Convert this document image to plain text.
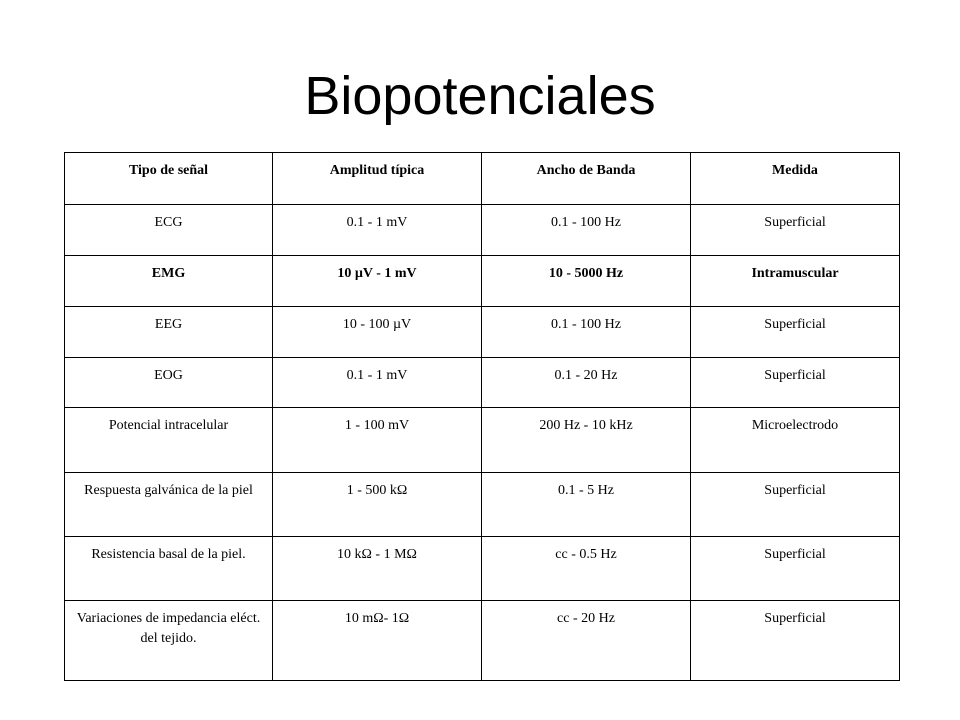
Biopotenciales
Tipo de señal	Amplitud típica	Ancho de Banda	Medida
ECG	0.1 - 1 mV	0.1 - 100 Hz	Superficial
EMG	10 µV - 1 mV	10 - 5000 Hz	Intramuscular
EEG	10 - 100 µV	0.1 - 100 Hz	Superficial
EOG	0.1 - 1 mV	0.1 - 20 Hz	Superficial
Potencial intracelular	1 - 100 mV	200 Hz - 10 kHz	Microelectrodo
Respuesta galvánica de la piel	1 - 500 kΩ	0.1 - 5 Hz	Superficial
Resistencia basal de la piel.	10 kΩ - 1 MΩ	cc - 0.5 Hz	Superficial
Variaciones de impedancia eléct. del tejido.	10 mΩ- 1Ω	cc - 20 Hz	Superficial
